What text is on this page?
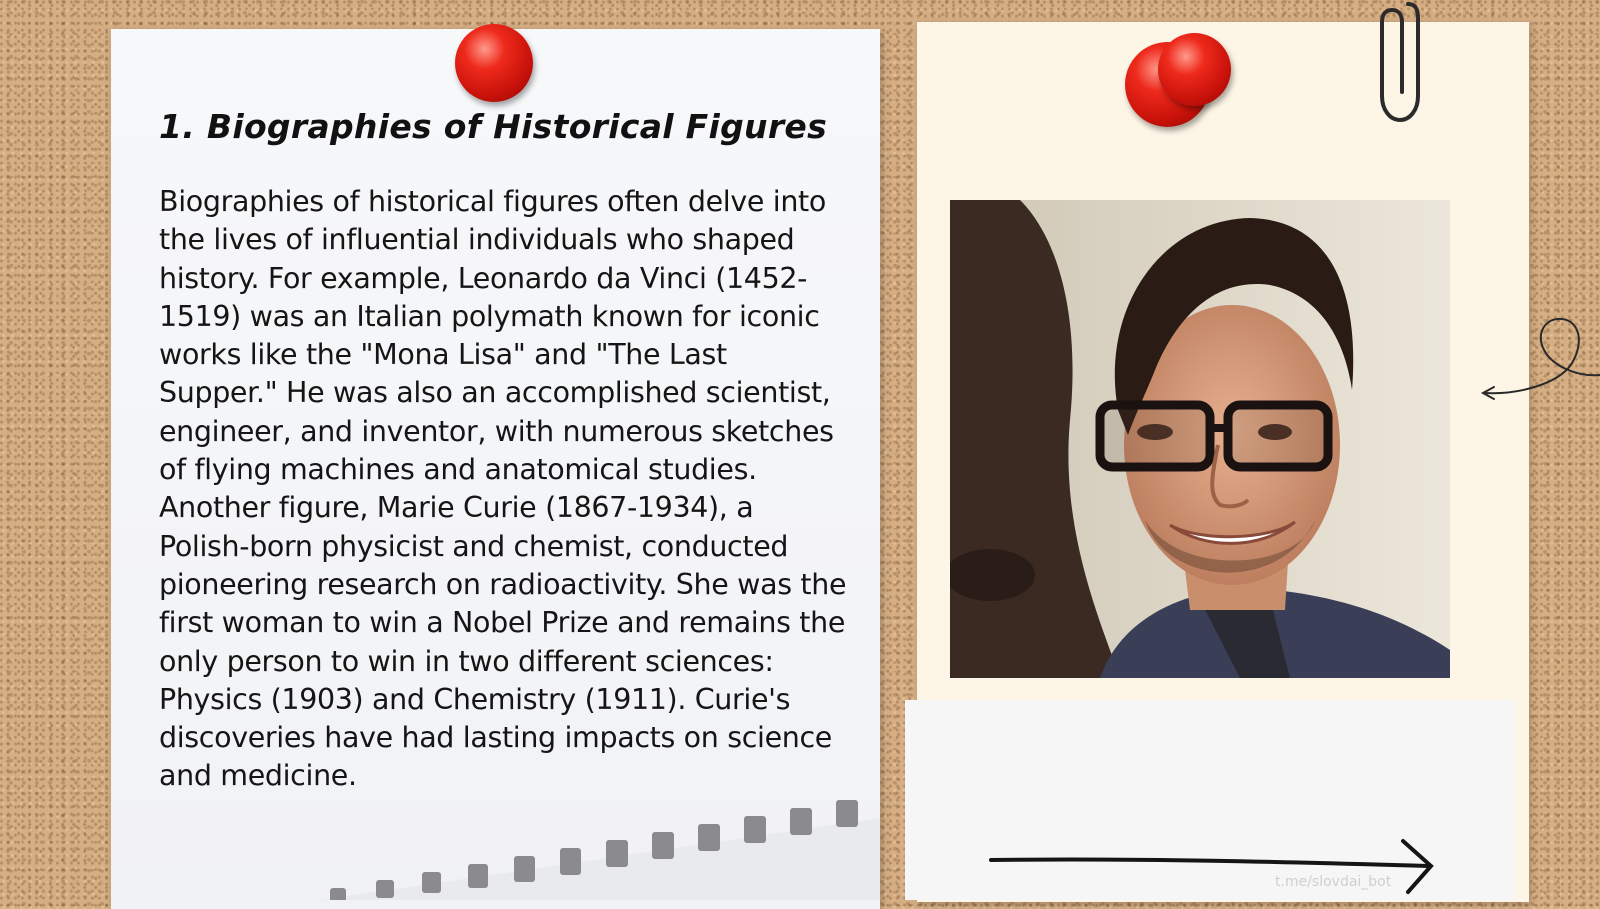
1. Biographies of Historical Figures

Biographies of historical figures often delve into the lives of influential individuals who shaped history. For example, Leonardo da Vinci (1452-1519) was an Italian polymath known for iconic works like the "Mona Lisa" and "The Last Supper." He was also an accomplished scientist, engineer, and inventor, with numerous sketches of flying machines and anatomical studies. Another figure, Marie Curie (1867-1934), a Polish-born physicist and chemist, conducted pioneering research on radioactivity. She was the first woman to win a Nobel Prize and remains the only person to win in two different sciences: Physics (1903) and Chemistry (1911). Curie's discoveries have had lasting impacts on science and medicine.

t.me/slovdai_bot
